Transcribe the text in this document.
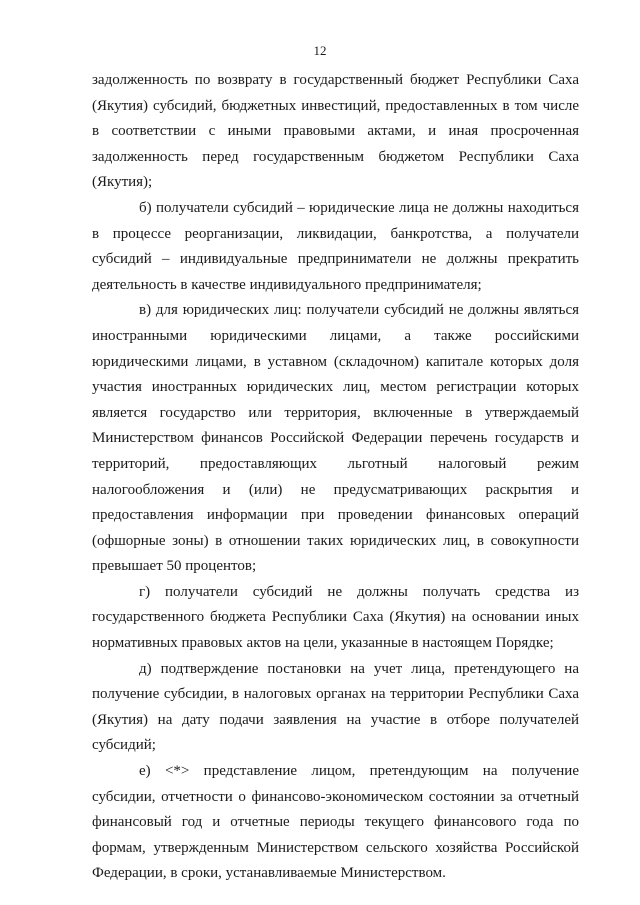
12

задолженность по возврату в государственный бюджет Республики Саха (Якутия) субсидий, бюджетных инвестиций, предоставленных в том числе в соответствии с иными правовыми актами, и иная просроченная задолженность перед государственным бюджетом Республики Саха (Якутия);

б) получатели субсидий – юридические лица не должны находиться в процессе реорганизации, ликвидации, банкротства, а получатели субсидий – индивидуальные предприниматели не должны прекратить деятельность в качестве индивидуального предпринимателя;

в) для юридических лиц: получатели субсидий не должны являться иностранными юридическими лицами, а также российскими юридическими лицами, в уставном (складочном) капитале которых доля участия иностранных юридических лиц, местом регистрации которых является государство или территория, включенные в утверждаемый Министерством финансов Российской Федерации перечень государств и территорий, предоставляющих льготный налоговый режим налогообложения и (или) не предусматривающих раскрытия и предоставления информации при проведении финансовых операций (офшорные зоны) в отношении таких юридических лиц, в совокупности превышает 50 процентов;

г) получатели субсидий не должны получать средства из государственного бюджета Республики Саха (Якутия) на основании иных нормативных правовых актов на цели, указанные в настоящем Порядке;

д) подтверждение постановки на учет лица, претендующего на получение субсидии, в налоговых органах на территории Республики Саха (Якутия) на дату подачи заявления на участие в отборе получателей субсидий;

е) <*> представление лицом, претендующим на получение субсидии, отчетности о финансово-экономическом состоянии за отчетный финансовый год и отчетные периоды текущего финансового года по формам, утвержденным Министерством сельского хозяйства Российской Федерации, в сроки, устанавливаемые Министерством.
